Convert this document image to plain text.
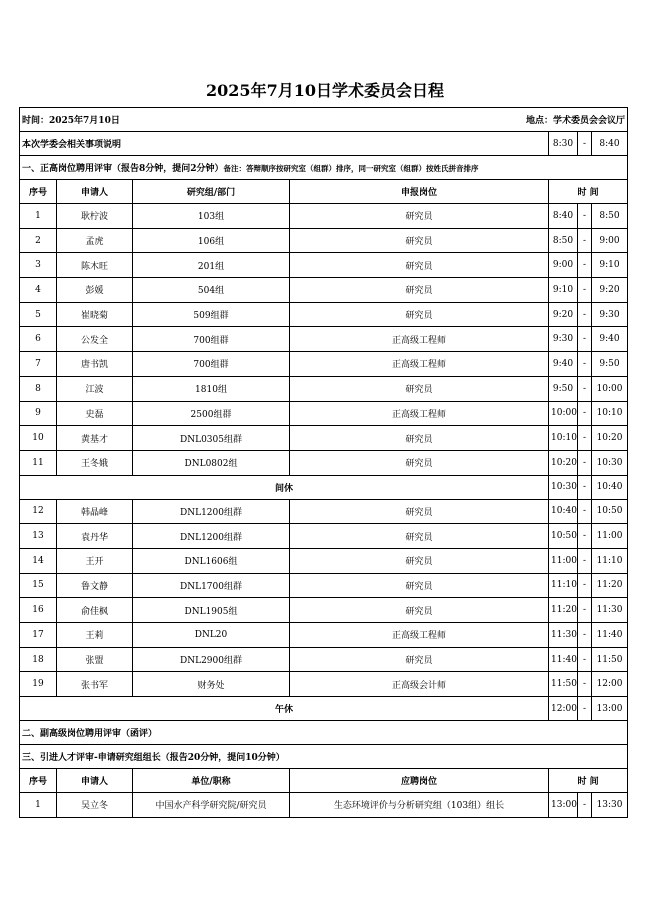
2025年7月10日学术委员会日程
时间：2025年7月10日 地点：学术委员会会议厅						

本次学委会相关事项说明				8:30	-	8:40
一、正高岗位聘用评审（报告8分钟，提问2分钟）备注：答辩顺序按研究室（组群）排序，同一研究室（组群）按姓氏拼音排序						
序号	申请人	研究组/部门	申报岗位	时 间		
1	耿柠波	103组	研究员	8:40	-	8:50
2	孟虎	106组	研究员	8:50	-	9:00
3	陈木旺	201组	研究员	9:00	-	9:10
4	彭媛	504组	研究员	9:10	-	9:20
5	崔晓菊	509组群	研究员	9:20	-	9:30
6	公发全	700组群	正高级工程师	9:30	-	9:40
7	唐书凯	700组群	正高级工程师	9:40	-	9:50
8	江波	1810组	研究员	9:50	-	10:00
9	史磊	2500组群	正高级工程师	10:00	-	10:10
10	黄基才	DNL0305组群	研究员	10:10	-	10:20
11	王冬娥	DNL0802组	研究员	10:20	-	10:30
间休				10:30	-	10:40
12	韩晶峰	DNL1200组群	研究员	10:40	-	10:50
13	袁丹华	DNL1200组群	研究员	10:50	-	11:00
14	王开	DNL1606组	研究员	11:00	-	11:10
15	鲁文静	DNL1700组群	研究员	11:10	-	11:20
16	俞佳枫	DNL1905组	研究员	11:20	-	11:30
17	王莉	DNL20	正高级工程师	11:30	-	11:40
18	张盟	DNL2900组群	研究员	11:40	-	11:50
19	张书军	财务处	正高级会计师	11:50	-	12:00
午休				12:00	-	13:00
二、副高级岗位聘用评审（函评）						
三、引进人才评审-申请研究组组长（报告20分钟，提问10分钟）						
序号	申请人	单位/职称	应聘岗位	时 间		
1	吴立冬	中国水产科学研究院/研究员	生态环境评价与分析研究组（103组）组长	13:00	-	13:30
